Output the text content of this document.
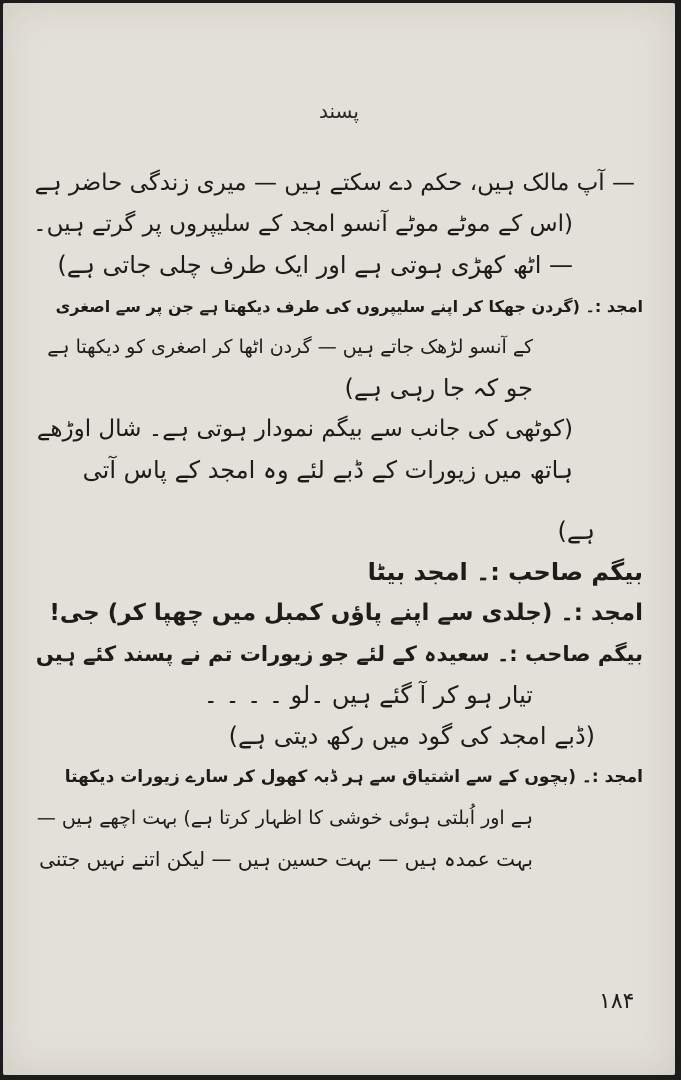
پسند
— آپ مالک ہیں، حکم دے سکتے ہیں — میری زندگی حاضر ہے
(اس کے موٹے موٹے آنسو امجد کے سلیپروں پر گرتے ہیں۔
— اٹھ کھڑی ہوتی ہے اور ایک طرف چلی جاتی ہے)
امجد :۔ (گردن جھکا کر اپنے سلیپروں کی طرف دیکھتا ہے جن پر سے اصغری
کے آنسو لڑھک جاتے ہیں — گردن اٹھا کر اصغری کو دیکھتا ہے
جو کہ جا رہی ہے)
(کوٹھی کی جانب سے بیگم نمودار ہوتی ہے۔ شال اوڑھے
ہاتھ میں زیورات کے ڈبے لئے وہ امجد کے پاس آتی
ہے)
بیگم صاحب :۔ امجد بیٹا
امجد :۔ (جلدی سے اپنے پاؤں کمبل میں چھپا کر) جی!
بیگم صاحب :۔ سعیدہ کے لئے جو زیورات تم نے پسند کئے ہیں
تیار ہو کر آ گئے ہیں ۔لو ۔ ۔ ۔ ۔
(ڈبے امجد کی گود میں رکھ دیتی ہے)
امجد :۔ (بچوں کے سے اشتیاق سے ہر ڈبہ کھول کر سارے زیورات دیکھتا
ہے اور اُبلتی ہوئی خوشی کا اظہار کرتا ہے) بہت اچھے ہیں —
بہت عمدہ ہیں — بہت حسین ہیں — لیکن اتنے نہیں جتنی
۱۸۴
